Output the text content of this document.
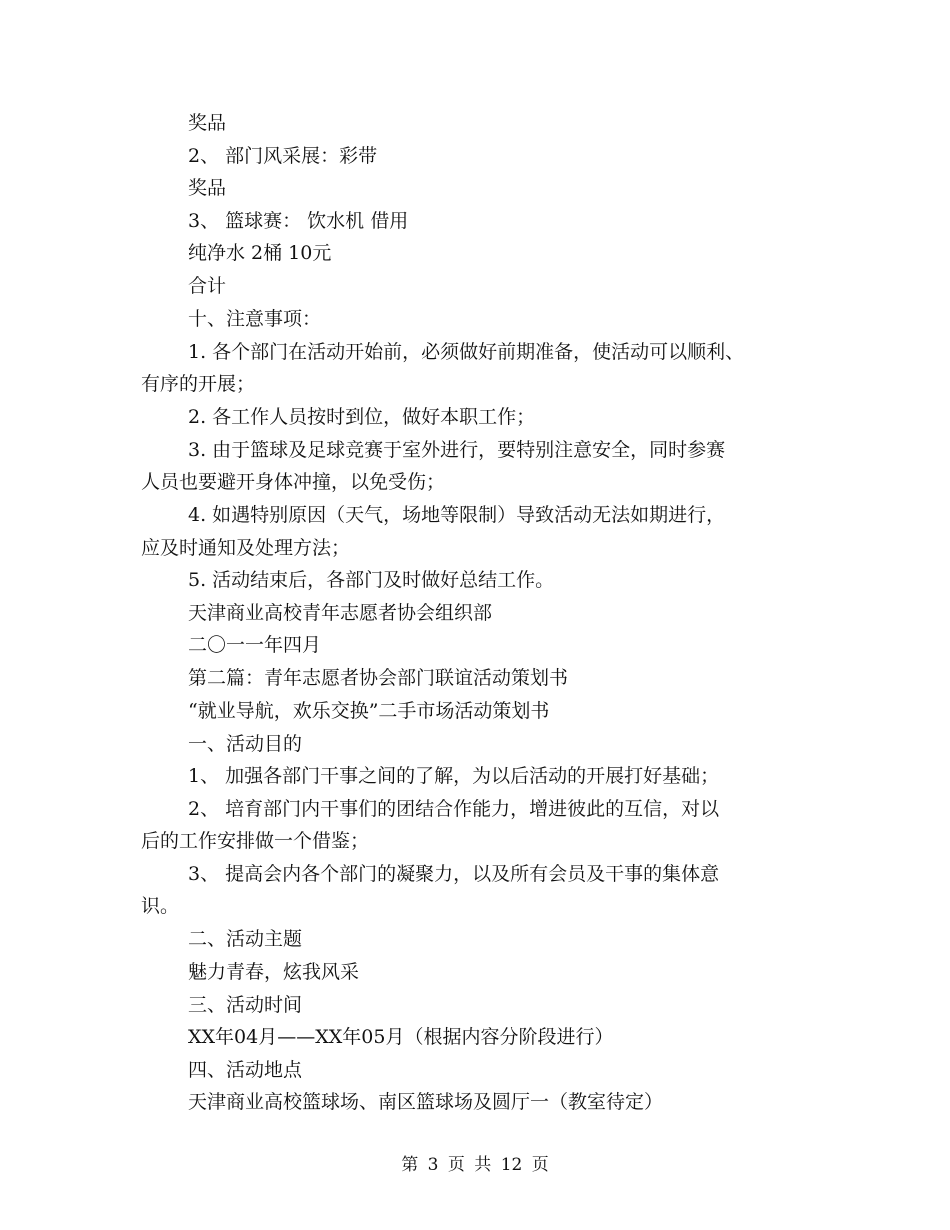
奖品
2、 部门风采展：彩带
奖品
3、 篮球赛： 饮水机 借用
纯净水 2桶 10元
合计
十、注意事项：
1. 各个部门在活动开始前，必须做好前期准备，使活动可以顺利、
有序的开展；
2. 各工作人员按时到位，做好本职工作；
3. 由于篮球及足球竞赛于室外进行，要特别注意安全，同时参赛
人员也要避开身体冲撞，以免受伤；
4. 如遇特别原因（天气，场地等限制）导致活动无法如期进行，
应及时通知及处理方法；
5. 活动结束后，各部门及时做好总结工作。
天津商业高校青年志愿者协会组织部
二〇一一年四月
第二篇：青年志愿者协会部门联谊活动策划书
“就业导航，欢乐交换”二手市场活动策划书
一、活动目的
1、 加强各部门干事之间的了解，为以后活动的开展打好基础；
2、 培育部门内干事们的团结合作能力，增进彼此的互信，对以
后的工作安排做一个借鉴；
3、 提高会内各个部门的凝聚力，以及所有会员及干事的集体意
识。
二、活动主题
魅力青春，炫我风采
三、活动时间
XX年04月——XX年05月（根据内容分阶段进行）
四、活动地点
天津商业高校篮球场、南区篮球场及圆厅一（教室待定）
第 3 页 共 12 页
